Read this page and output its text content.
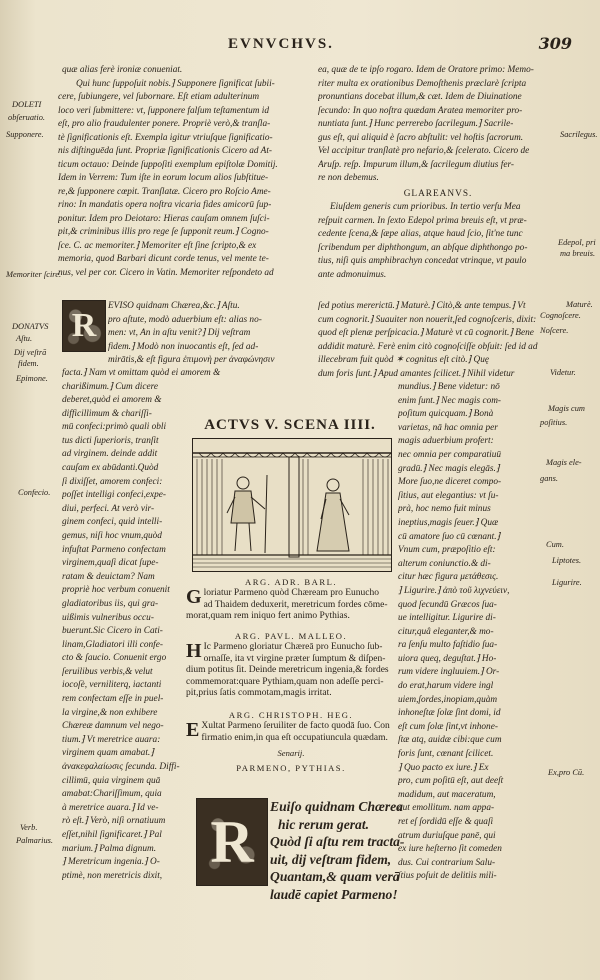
EVNVCHVS.	309
quæ alias ferè ironiæ conueniat.
Qui hunc ſuppoſuit nobis.⁆ Supponere ſignificat ſubii-
cere, ſubiungere, vel ſubornare. Eſt etiam adulterinum
loco veri ſubmittere: vt, ſupponere falſum teſtamentum id
eſt, pro alio fraudulenter ponere. Propriè verò,& tranſla-
tè ſignificationis eſt. Exempla igitur vtriuſque ſignificatio-
nis diſtinguēda ſunt. Propriæ ſignificationis Cicero ad At-
ticum octauo: Deinde ſuppoſiti exemplum epiſtolæ Domitij.
Idem in Verrem: Tum iſte in eorum locum alios ſubſtitue-
re,& ſupponere cœpit. Tranſlatæ. Cicero pro Roſcio Ame-
rino: In mandatis opera noſtra vicaria fides amicorū ſup-
ponitur. Idem pro Deiotaro: Hieras cauſam omnem ſuſci-
pit,& criminibus illis pro rege ſe ſupponit reum.⁆ Cogno-
ſce. C. ac memoriter.⁆ Memoriter eſt ſine ſcripto,& ex
memoria, quod Barbari dicunt corde tenus, vel mente te-
nus, vel per cor. Cicero in Vatin. Memoriter reſpondeto ad
ea, quæ de te ipſo rogaro. Idem de Oratore primo: Memo-
riter multa ex orationibus Demoſthenis præclarè ſcripta
pronuntians docebat illum,& cæt. Idem de Diuinatione
ſecundo: In quo noſtra quædam Aratea memoriter pro-
nuntiata ſunt.⁆ Hunc perrerebo ſacrilegum.⁆ Sacrile-
gus eſt, qui aliquid è ſacro abſtulit: vel hoſtis ſacrorum.
Vel accipitur tranſlatè pro nefario,& ſcelerato. Cicero de
Aruſp. reſp. Impurum illum,& ſacrilegum diutius fer-
re non debemus.
GLAREANVS.
Eiuſdem generis cum prioribus. In tertio verſu Mea
reſpuit carmen. In ſexto Edepol prima breuis eſt, vt præ-
cedente ſcena,& ſæpe alias, atque haud ſcio, ſit'ne tunc
ſcribendum per diphthongum, an abſque diphthongo po-
tius, niſi quis amphibrachyn concedat vtrinque, vt paulo
ante admonuimus.
DOLETI
obſeruatio.
Supponere.
Memoriter ſcire.
Sacrilegus.
Edepol, pri
ma breuis.
DONATVS
Aſtu.
Dij veſtrā
fidem.
Epimone.
Confecio.
Verb.
Palmarius.
Maturè.
Cognoſcere.
Noſcere.
Videtur.
Magis cum
poſitius.
Magis ele-
gans.
Cum.
Liptotes.
Ligurire.
Ex,pro Cū.
R
EVISO quidnam Chærea,&c.⁆ Aſtu.
pro aſtute, modò aduerbium eſt: alias no-
men: vt, An in aſtu venit?⁆ Dij veſtram
fidem.⁆ Modò non inuocantis eſt, ſed ad-
mirātis,& eſt figura ἐπιμονὴ per ἀναφώνησιν
facta.⁆ Nam vt omittam quòd ei amorem &
charißimum.⁆ Cum dicere
ſed potius mererictū.⁆ Maturè.⁆ Citò,& ante tempus.⁆ Vt
cum cognorit.⁆ Suauiter non nouerit,ſed cognoſceris, dixit:
quod eſt plenæ perſpicacia.⁆ Maturè vt cū cognorit.⁆ Bene
addidit maturè. Ferè enim citò cognoſciſſe obſuit: ſed id ad
illecebram fuit quòd ✶ cognitus eſt citò.⁆ Quę
dum foris ſunt.⁆ Apud amantes ſcilicet.⁆ Nihil videtur
deberet,quòd ei amorem &
difficillimum & chariſſi-
mū confeci:primò quali obli
tus dicti ſuperioris, tranſit
ad virginem. deinde addit
cauſam ex abūdanti.Quòd
ſi dixiſſet, amorem confeci:
poſſet intelligi confeci,expe-
diui, perfeci. At verò vir-
ginem confeci, quid intelli-
gemus, niſi hoc vnum,quòd
infuſtat Parmeno confectam
virginem,quaſi dicat ſupe-
ratam & deuictam? Nam
propriè hoc verbum conuenit
gladiatoribus iis, qui gra-
uißimis vulneribus occu-
buerunt.Sic Cicero in Cati-
linam,Gladiatori illi confe-
cto & ſaucio. Conuenit ergo
ſeruilibus verbis,& velut
iocoſè, verniliterq, iactanti
rem confectam eſſe in puel-
la virgine,& non exhibere
Chæreæ damnum vel nego-
tium.⁆ Vt meretrice auara:
virginem quam amabat.⁆
ἀνακεφαλαίωσις ſecunda. Diffi-
cillimū, quia virginem quā
amabat:Chariſſimum, quia
à meretrice auara.⁆ Id ve-
rò eſt.⁆ Verò, niſi ornatiuum
eſſet,nihil ſignificaret.⁆ Pal
marium.⁆ Palma dignum.
⁆ Meretricum ingenia.⁆ O-
ptimè, non meretricis dixit,
mundius.⁆ Bene videtur: nō
enim ſunt.⁆ Nec magis com-
poſitum quicquam.⁆ Bonà
varietas, nā hac omnia per
magis aduerbium profert:
nec omnia per comparatiuū
gradū.⁆ Nec magis elegās.⁆
More ſuo,ne diceret compo-
ſitius, aut elegantius: vt ſu-
prà, hoc nemo fuit minus
ineptius,magis ſeuer.⁆ Quæ
cū amatore ſuo cū cœnant.⁆
Vnum cum, præpoſitio eſt:
alterum coniunctio.& di-
citur hæc figura μετάθεσις.
⁆ Ligurire.⁆ ἀπὸ τοῦ λιχνεύειν,
quod ſecundū Græcos ſua-
ue intelligitur. Ligurire di-
citur,quâ eleganter,& mo-
ra ſenſu multo faſtidio ſua-
uiora queq, deguſtat.⁆ Ho-
rum videre ingluuiem.⁆ Or-
do erat,harum videre ingl
uiem,ſordes,inopiam,quàm
inhoneſtæ ſolæ ſint domi, id
eſt cum ſolæ ſint,vt inhone-
ſtæ atq, auidæ cibi:que cum
foris ſunt, cœnant ſcilicet.
⁆ Quo pacto ex iure.⁆ Ex
pro, cum poſitū eſt, aut deeſt
madidum, aut maceratum,
aut emollitum. nam appa-
ret eſ ſordidū eſſe & quaſi
atrum duriuſque panē, qui
ex iure heſterno ſit comeden
dus. Cui contrarium Salu-
ſtius poſuit de delitiis mili-
ACTVS V. SCENA IIII.
ARG. ADR. BARL.
G loriatur Parmeno quòd Chæream pro Eunucho
ad Thaidem deduxerit, meretricum fordes cōme-
morat,quam rem iniquo fert animo Pythias.
ARG. PAVL. MALLEO.
H Ic Parmeno gloriatur Chæreā pro Eunucho ſub-
ornaſſe, ita vt virgine præter ſumptum & diſpen-
dium potitus ſit. Deinde meretricum ingenia,& fordes
commemorat:quare Pythiam,quam non adeſſe perci-
pit,prius ſatis commotam,magis irritat.
ARG. CHRISTOPH. HEG.
E Xultat Parmeno ſeruiliter de facto quodā ſuo. Con
firmatio enim,in qua eſt occupatiuncula quædam.
Senarij.
PARMENO, PYTHIAS.
R
Euiſo quidnam Chærea
hic rerum gerat.
Quòd ſi aſtu rem tracta-
uit, dij veſtram fidem,
Quantam,& quam verā
laudē capiet Parmeno!
